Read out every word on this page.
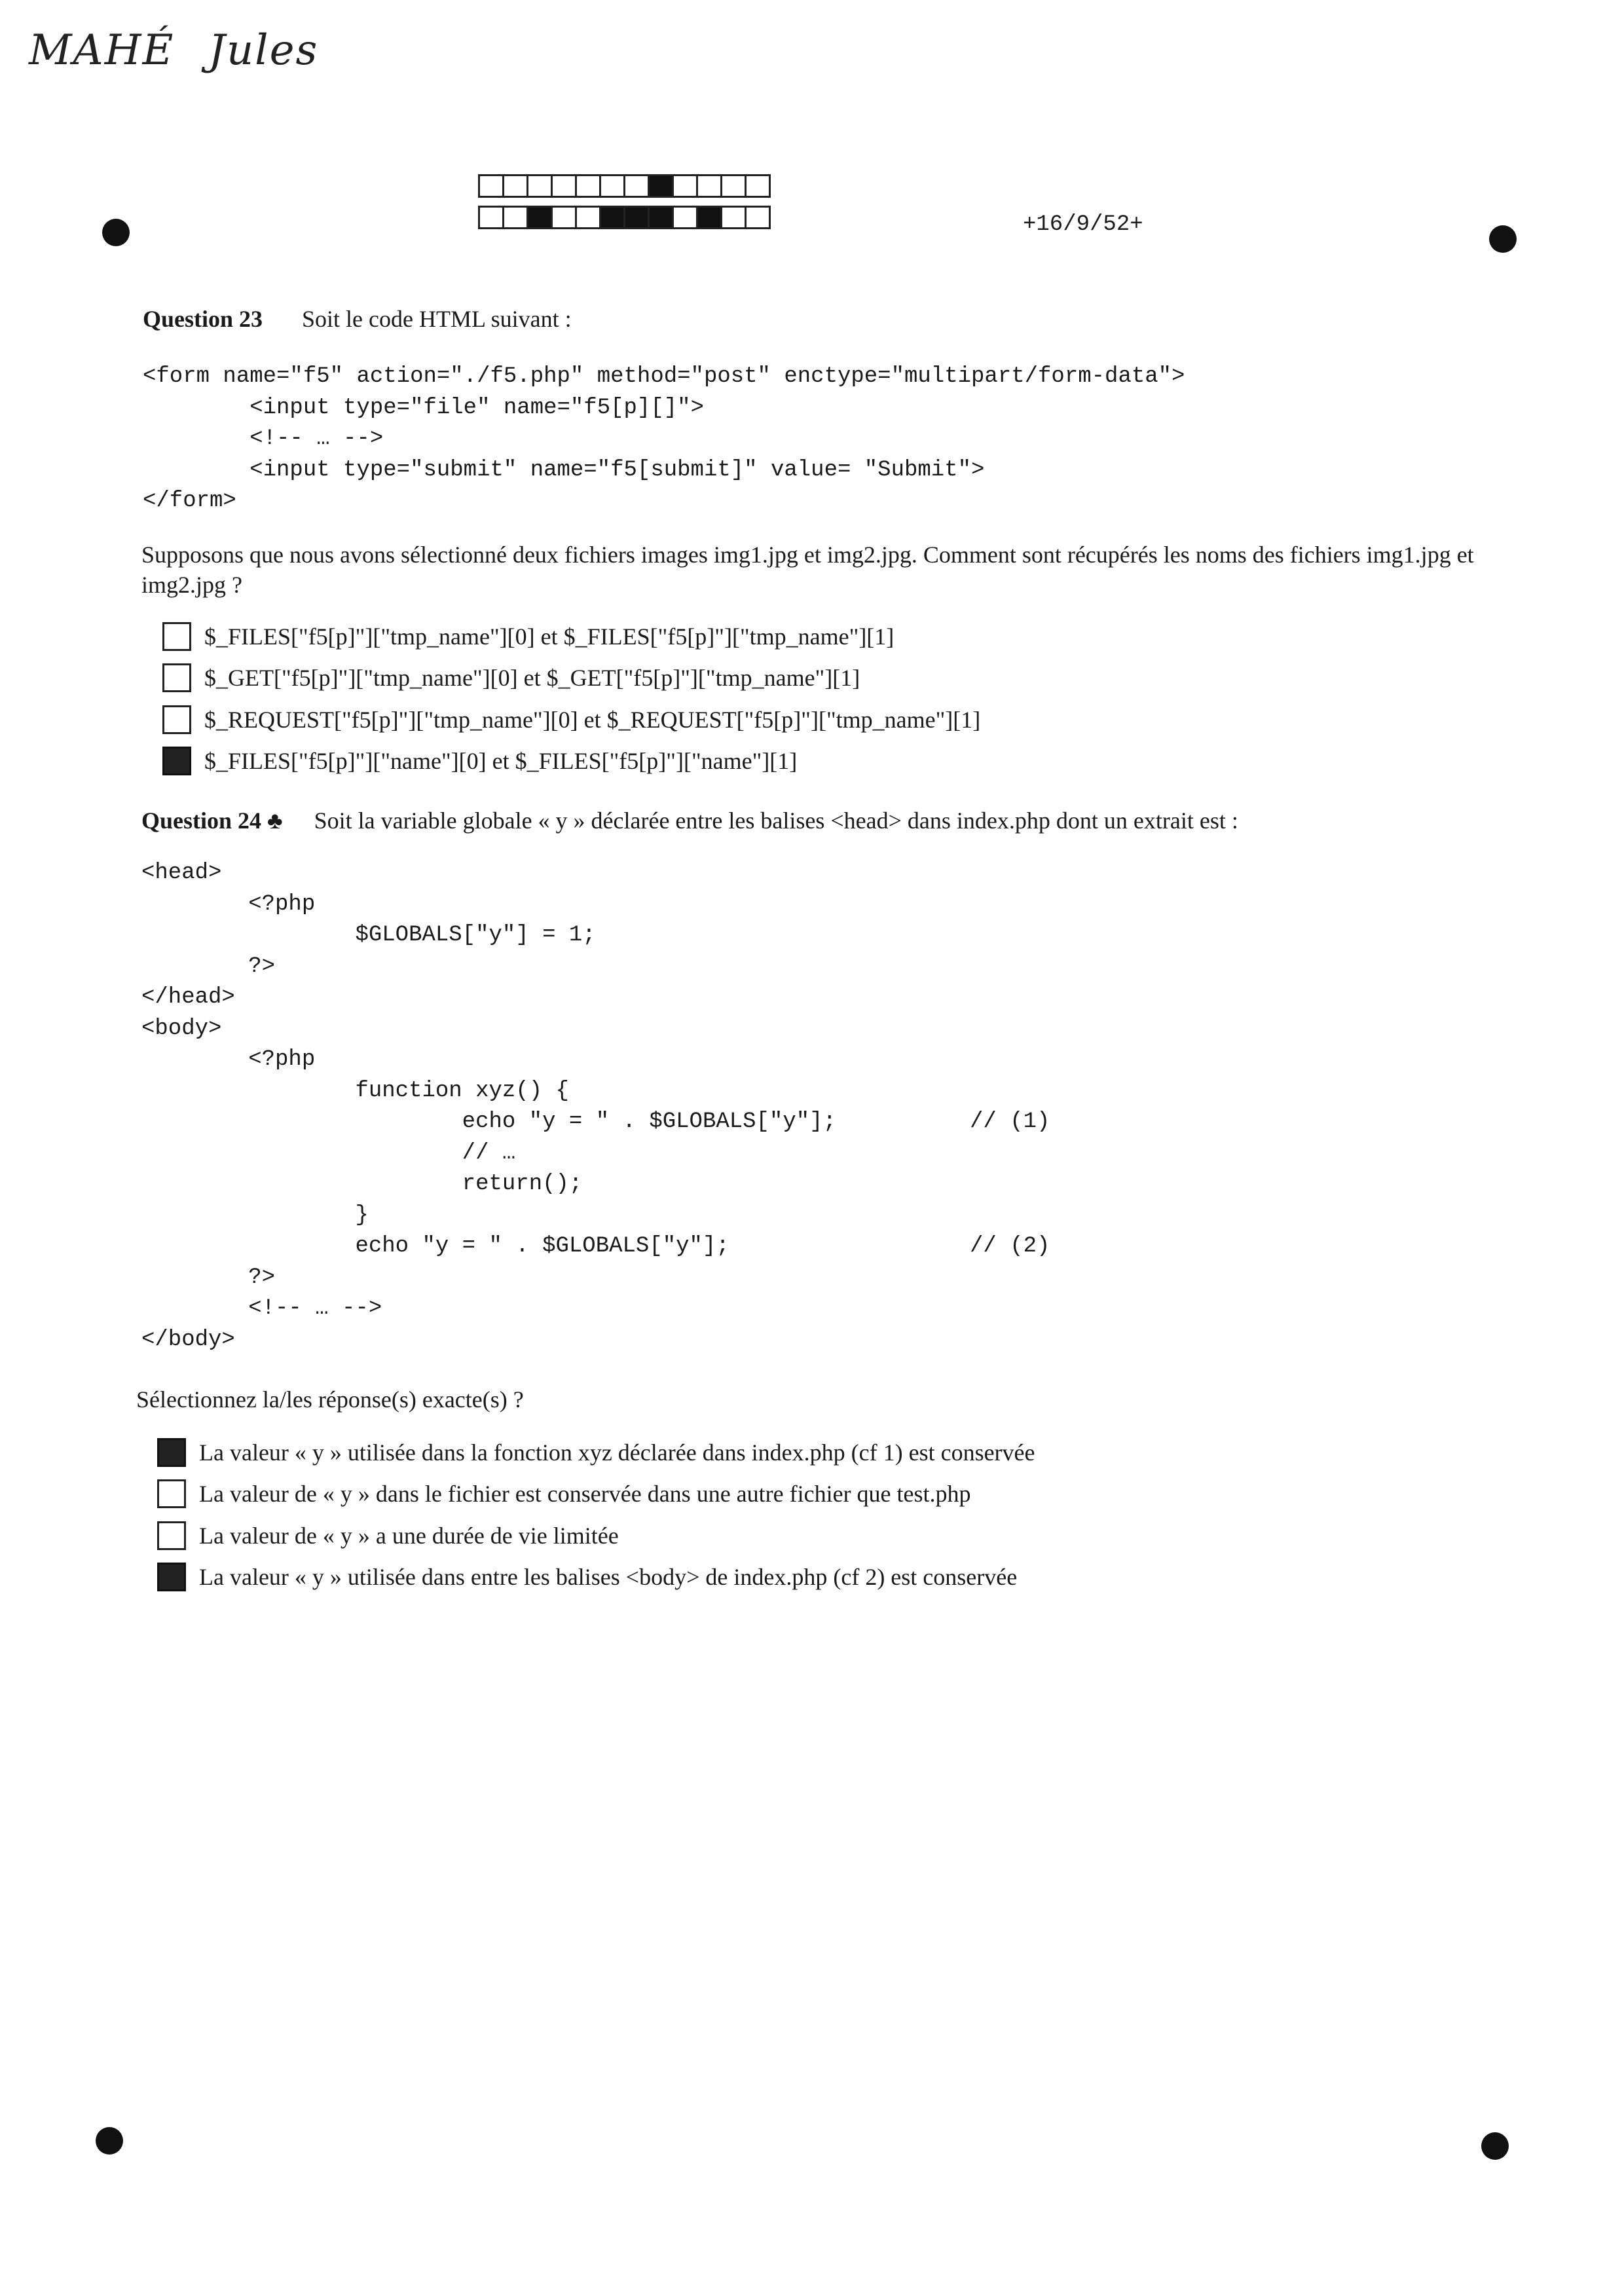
MAHÉ Jules
+16/9/52+
Question 23 Soit le code HTML suivant :
<form name="f5" action="./f5.php" method="post" enctype="multipart/form-data">
<input type="file" name="f5[p][]">
<!-- … -->
<input type="submit" name="f5[submit]" value= "Submit">
</form>
Supposons que nous avons sélectionné deux fichiers images img1.jpg et img2.jpg. Comment sont récupérés les noms des fichiers img1.jpg et img2.jpg ?
$_FILES["f5[p]"]["tmp_name"][0] et $_FILES["f5[p]"]["tmp_name"][1]
$_GET["f5[p]"]["tmp_name"][0] et $_GET["f5[p]"]["tmp_name"][1]
$_REQUEST["f5[p]"]["tmp_name"][0] et $_REQUEST["f5[p]"]["tmp_name"][1]
$_FILES["f5[p]"]["name"][0] et $_FILES["f5[p]"]["name"][1]
Question 24 ♣ Soit la variable globale « y » déclarée entre les balises <head> dans index.php dont un extrait est :
<head>
<?php
$GLOBALS["y"] = 1;
?>
</head>
<body>
<?php
function xyz() {
echo "y = " . $GLOBALS["y"];          // (1)
// …
return();
}
echo "y = " . $GLOBALS["y"];                  // (2)
?>
<!-- … -->
</body>
Sélectionnez la/les réponse(s) exacte(s) ?
La valeur « y » utilisée dans la fonction xyz déclarée dans index.php (cf 1) est conservée
La valeur de « y » dans le fichier est conservée dans une autre fichier que test.php
La valeur de « y » a une durée de vie limitée
La valeur « y » utilisée dans entre les balises <body> de index.php (cf 2) est conservée
